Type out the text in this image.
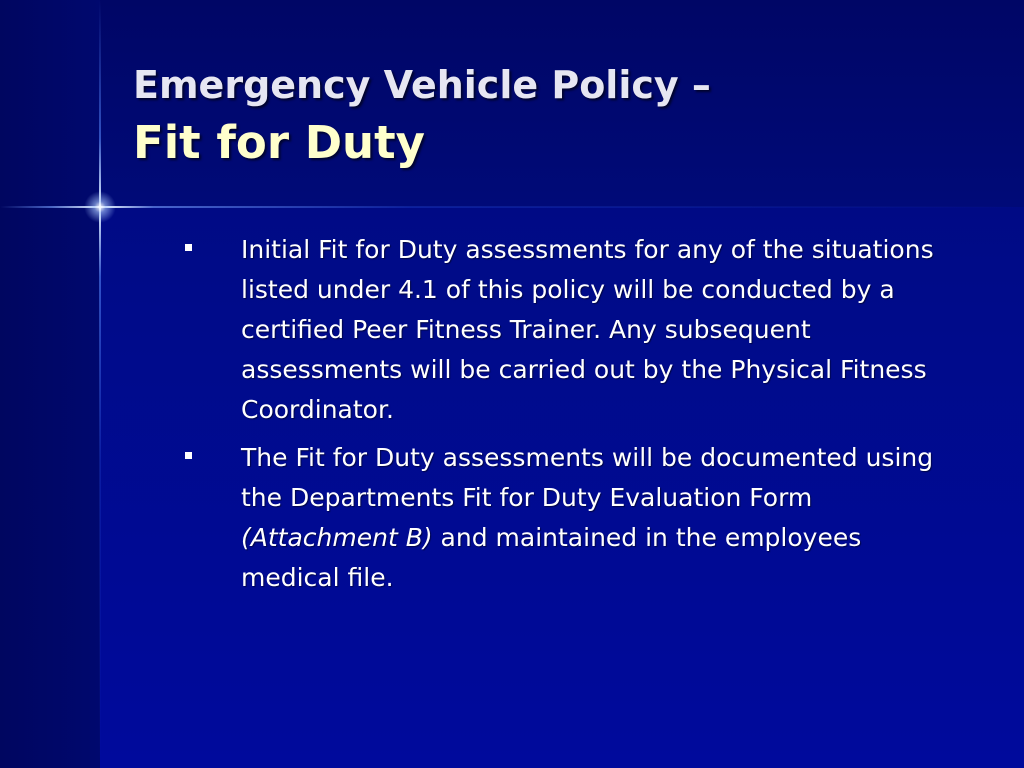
Emergency Vehicle Policy –
Fit for Duty
Initial Fit for Duty assessments for any of the situations listed under 4.1 of this policy will be conducted by a certified Peer Fitness Trainer. Any subsequent assessments will be carried out by the Physical Fitness Coordinator.
The Fit for Duty assessments will be documented using the Departments Fit for Duty Evaluation Form (Attachment B) and maintained in the employees medical file.
